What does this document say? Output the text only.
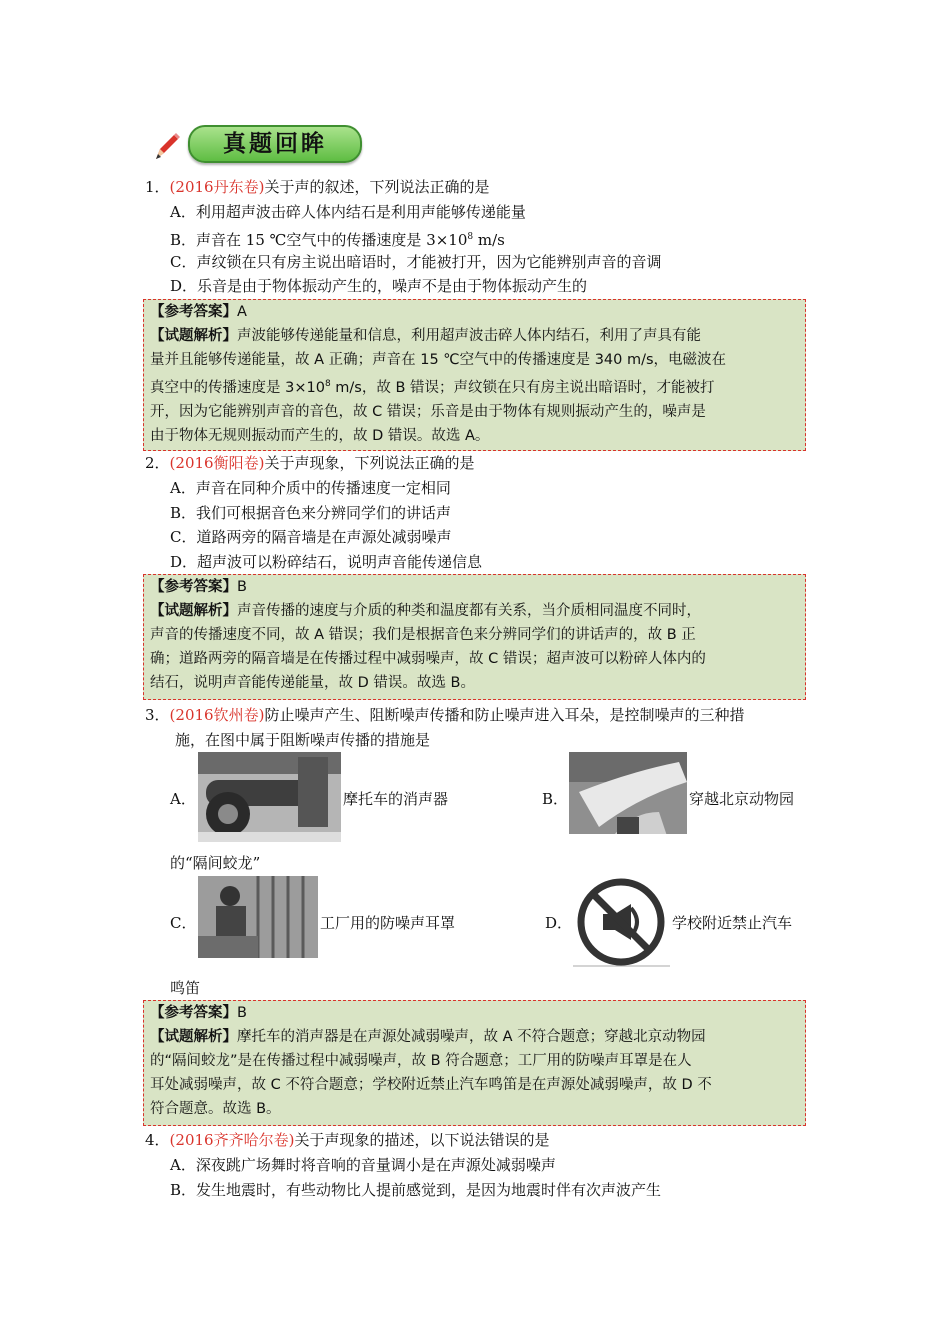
真题回眸
1．(2016丹东卷)关于声的叙述，下列说法正确的是
A．利用超声波击碎人体内结石是利用声能够传递能量
B．声音在 15 ℃空气中的传播速度是 $3\times 10^8$ m/s
C．声纹锁在只有房主说出暗语时，才能被打开，因为它能辨别声音的音调
D．乐音是由于物体振动产生的，噪声不是由于物体振动产生的

【参考答案】A

【试题解析】声波能够传递能量和信息，利用超声波击碎人体内结石，利用了声具有能

量并且能够传递能量，故 A 正确；声音在 15 ℃空气中的传播速度是 340 m/s，电磁波在

真空中的传播速度是 $3\times 10^8$ m/s，故 B 错误；声纹锁在只有房主说出暗语时，才能被打

开，因为它能辨别声音的音色，故 C 错误；乐音是由于物体有规则振动产生的，噪声是

由于物体无规则振动而产生的，故 D 错误。故选 A。

2．(2016衡阳卷)关于声现象，下列说法正确的是
A．声音在同种介质中的传播速度一定相同
B．我们可根据音色来分辨同学们的讲话声
C．道路两旁的隔音墙是在声源处减弱噪声
D．超声波可以粉碎结石，说明声音能传递信息

【参考答案】B

【试题解析】声音传播的速度与介质的种类和温度都有关系，当介质相同温度不同时，

声音的传播速度不同，故 A 错误；我们是根据音色来分辨同学们的讲话声的，故 B 正

确；道路两旁的隔音墙是在传播过程中减弱噪声，故 C 错误；超声波可以粉碎人体内的

结石，说明声音能传递能量，故 D 错误。故选 B。

3．(2016钦州卷)防止噪声产生、阻断噪声传播和防止噪声进入耳朵，是控制噪声的三种措
施，在图中属于阻断噪声传播的措施是
A．	摩托车的消声器	B．	穿越北京动物园
的“隔间蛟龙”
C．	工厂用的防噪声耳罩	D．	学校附近禁止汽车
鸣笛

【参考答案】B

【试题解析】摩托车的消声器是在声源处减弱噪声，故 A 不符合题意；穿越北京动物园

的“隔间蛟龙”是在传播过程中减弱噪声，故 B 符合题意；工厂用的防噪声耳罩是在人

耳处减弱噪声，故 C 不符合题意；学校附近禁止汽车鸣笛是在声源处减弱噪声，故 D 不

符合题意。故选 B。

4．(2016齐齐哈尔卷)关于声现象的描述，以下说法错误的是
A．深夜跳广场舞时将音响的音量调小是在声源处减弱噪声
B．发生地震时，有些动物比人提前感觉到，是因为地震时伴有次声波产生
